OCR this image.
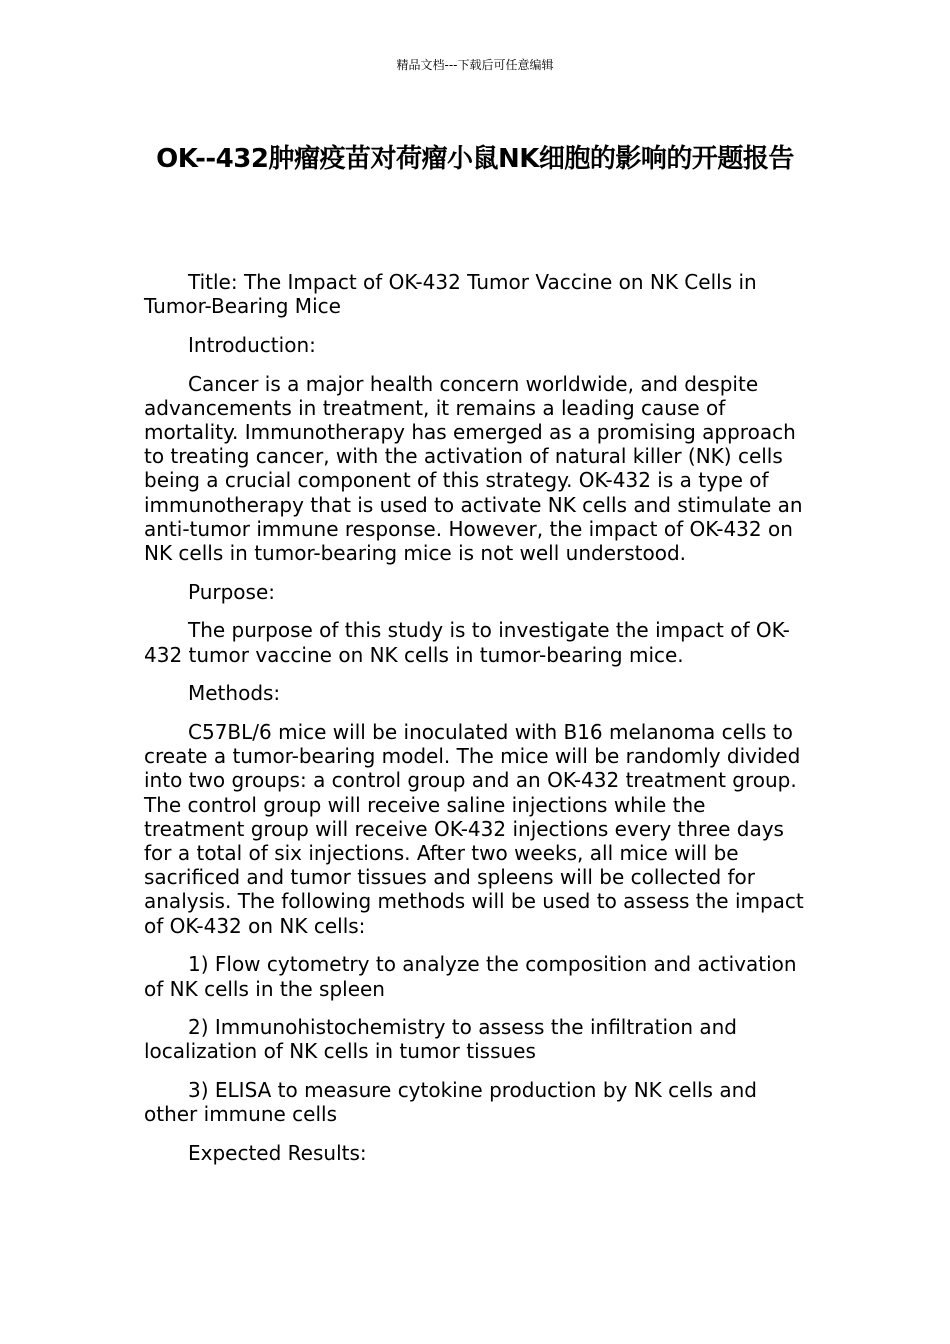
精品文档---下载后可任意编辑
OK--432肿瘤疫苗对荷瘤小鼠NK细胞的影响的开题报告

Title: The Impact of OK-432 Tumor Vaccine on NK Cells in Tumor-Bearing Mice

Introduction:

Cancer is a major health concern worldwide, and despite advancements in treatment, it remains a leading cause of mortality. Immunotherapy has emerged as a promising approach to treating cancer, with the activation of natural killer (NK) cells being a crucial component of this strategy. OK-432 is a type of immunotherapy that is used to activate NK cells and stimulate an anti-tumor immune response. However, the impact of OK-432 on NK cells in tumor-bearing mice is not well understood.

Purpose:

The purpose of this study is to investigate the impact of OK-432 tumor vaccine on NK cells in tumor-bearing mice.

Methods:

C57BL/6 mice will be inoculated with B16 melanoma cells to create a tumor-bearing model. The mice will be randomly divided into two groups: a control group and an OK-432 treatment group. The control group will receive saline injections while the treatment group will receive OK-432 injections every three days for a total of six injections. After two weeks, all mice will be sacrificed and tumor tissues and spleens will be collected for analysis. The following methods will be used to assess the impact of OK-432 on NK cells:

1) Flow cytometry to analyze the composition and activation of NK cells in the spleen

2) Immunohistochemistry to assess the infiltration and localization of NK cells in tumor tissues

3) ELISA to measure cytokine production by NK cells and other immune cells

Expected Results:
